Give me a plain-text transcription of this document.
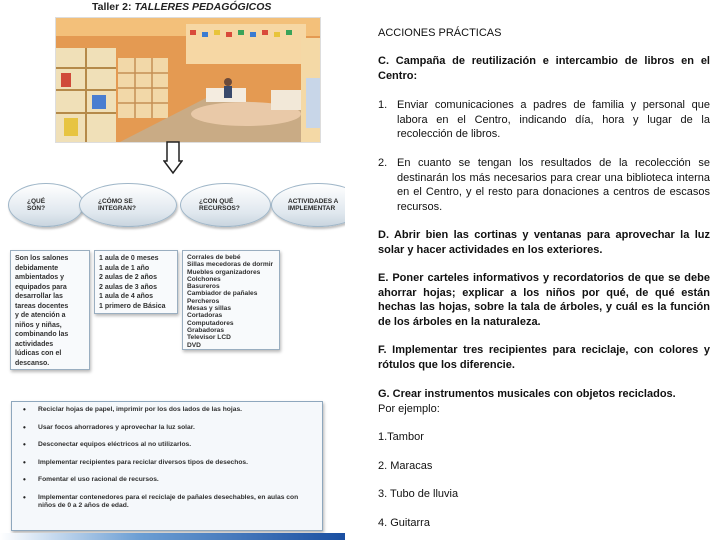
Taller 2: TALLERES PEDAGÓGICOS
¿QUÉ
SON?
¿CÓMO SE
INTEGRAN?
¿CON QUÉ
RECURSOS?
ACTIVIDADES A
IMPLEMENTAR
Son los salones
debidamente
ambientados y
equipados para
desarrollar las
tareas docentes
y de atención a
niños y niñas,
combinando las
actividades
lúdicas con el
descanso.
1 aula de 0 meses
1 aula de 1 año
2 aulas de 2 años
2 aulas de 3 años
1 aula de 4 años
1 primero de Básica
Corrales de bebé
Sillas mecedoras de dormir
Muebles organizadores
Colchones
Basureros
Cambiador de pañales
Percheros
Mesas y sillas
Cortadoras
Computadores
Grabadoras
Televisor LCD
DVD
• Reciclar hojas de papel, imprimir por los dos lados de las hojas.
• Usar focos ahorradores y aprovechar la luz solar.
• Desconectar equipos eléctricos al no utilizarlos.
• Implementar recipientes para reciclar diversos tipos de desechos.
• Fomentar el uso racional de recursos.
• Implementar contenedores para el reciclaje de pañales desechables, en aulas con niños de 0 a 2 años de edad.
ACCIONES PRÁCTICAS
C. Campaña de reutilización e intercambio de libros en el Centro:
1. Enviar comunicaciones a padres de familia y personal que labora en el Centro, indicando día, hora y lugar de la recolección de libros.
2. En cuanto se tengan los resultados de la recolección se destinarán los más necesarios para crear una biblioteca interna en el Centro, y el resto para donaciones a centros de escasos recursos.
D. Abrir bien las cortinas y ventanas para aprovechar la luz solar y hacer actividades en los exteriores.
E. Poner carteles informativos y recordatorios de que se debe ahorrar hojas; explicar a los niños por qué, de qué están hechas las hojas, sobre la tala de árboles, y cuál es la función de los árboles en la naturaleza.
F. Implementar tres recipientes para reciclaje, con colores y rótulos que los diferencie.
G. Crear instrumentos musicales con objetos reciclados.
Por ejemplo:
1.Tambor
2. Maracas
3. Tubo de lluvia
4. Guitarra
